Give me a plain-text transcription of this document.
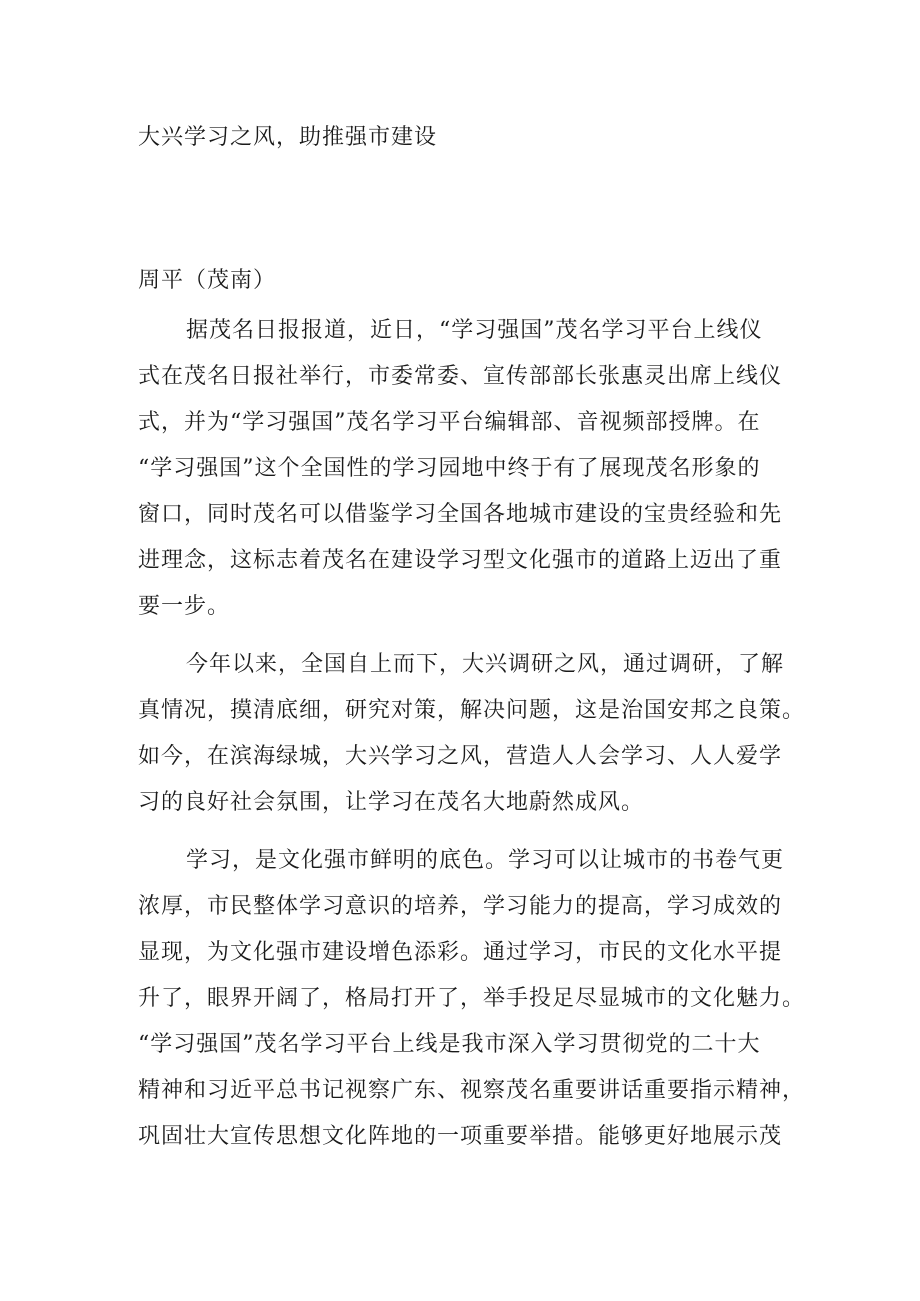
大兴学习之风，助推强市建设
周平（茂南）

据茂名日报报道，近日，“学习强国”茂名学习平台上线仪
式在茂名日报社举行，市委常委、宣传部部长张惠灵出席上线仪
式，并为“学习强国”茂名学习平台编辑部、音视频部授牌。在
“学习强国”这个全国性的学习园地中终于有了展现茂名形象的
窗口，同时茂名可以借鉴学习全国各地城市建设的宝贵经验和先
进理念，这标志着茂名在建设学习型文化强市的道路上迈出了重
要一步。

今年以来，全国自上而下，大兴调研之风，通过调研，了解
真情况，摸清底细，研究对策，解决问题，这是治国安邦之良策。
如今，在滨海绿城，大兴学习之风，营造人人会学习、人人爱学
习的良好社会氛围，让学习在茂名大地蔚然成风。

学习，是文化强市鲜明的底色。学习可以让城市的书卷气更
浓厚，市民整体学习意识的培养，学习能力的提高，学习成效的
显现，为文化强市建设增色添彩。通过学习，市民的文化水平提
升了，眼界开阔了，格局打开了，举手投足尽显城市的文化魅力。
“学习强国”茂名学习平台上线是我市深入学习贯彻党的二十大
精神和习近平总书记视察广东、视察茂名重要讲话重要指示精神，
巩固壮大宣传思想文化阵地的一项重要举措。能够更好地展示茂
